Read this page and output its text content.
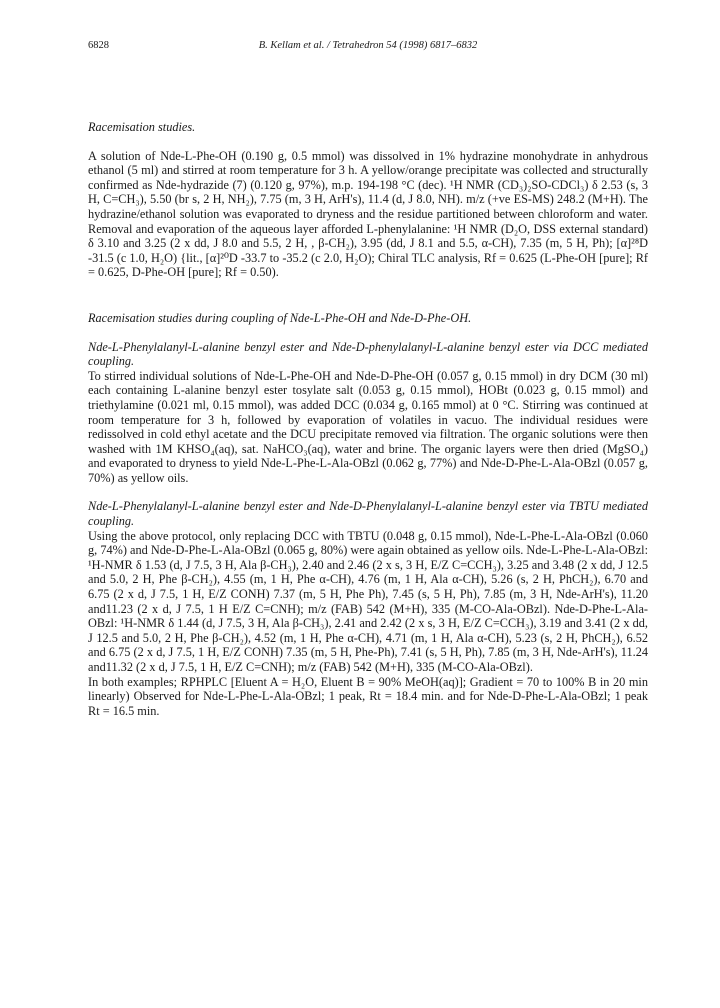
6828	B. Kellam et al. / Tetrahedron 54 (1998) 6817–6832

Racemisation studies.

A solution of Nde-L-Phe-OH (0.190 g, 0.5 mmol) was dissolved in 1% hydrazine monohydrate in anhydrous ethanol (5 ml) and stirred at room temperature for 3 h. A yellow/orange precipitate was collected and structurally confirmed as Nde-hydrazide (7) (0.120 g, 97%), m.p. 194-198 °C (dec). ¹H NMR (CD₃)₂SO-CDCl₃) δ 2.53 (s, 3 H, C=CH₃), 5.50 (br s, 2 H, NH₂), 7.75 (m, 3 H, ArH's), 11.4 (d, J 8.0, NH). m/z (+ve ES-MS) 248.2 (M+H). The hydrazine/ethanol solution was evaporated to dryness and the residue partitioned between chloroform and water. Removal and evaporation of the aqueous layer afforded L-phenylalanine: ¹H NMR (D₂O, DSS external standard) δ 3.10 and 3.25 (2 x dd, J 8.0 and 5.5, 2 H, , β-CH₂), 3.95 (dd, J 8.1 and 5.5, α-CH), 7.35 (m, 5 H, Ph); [α]²⁸D -31.5 (c 1.0, H₂O) {lit., [α]²⁰D -33.7 to -35.2 (c 2.0, H₂O); Chiral TLC analysis, Rf = 0.625 (L-Phe-OH [pure]; Rf = 0.625, D-Phe-OH [pure]; Rf = 0.50).

Racemisation studies during coupling of Nde-L-Phe-OH and Nde-D-Phe-OH.

Nde-L-Phenylalanyl-L-alanine benzyl ester and Nde-D-phenylalanyl-L-alanine benzyl ester via DCC mediated coupling.

To stirred individual solutions of Nde-L-Phe-OH and Nde-D-Phe-OH (0.057 g, 0.15 mmol) in dry DCM (30 ml) each containing L-alanine benzyl ester tosylate salt (0.053 g, 0.15 mmol), HOBt (0.023 g, 0.15 mmol) and triethylamine (0.021 ml, 0.15 mmol), was added DCC (0.034 g, 0.165 mmol) at 0 °C. Stirring was continued at room temperature for 3 h, followed by evaporation of volatiles in vacuo. The individual residues were redissolved in cold ethyl acetate and the DCU precipitate removed via filtration. The organic solutions were then washed with 1M KHSO₄(aq), sat. NaHCO₃(aq), water and brine. The organic layers were then dried (MgSO₄) and evaporated to dryness to yield Nde-L-Phe-L-Ala-OBzl (0.062 g, 77%) and Nde-D-Phe-L-Ala-OBzl (0.057 g, 70%) as yellow oils.

Nde-L-Phenylalanyl-L-alanine benzyl ester and Nde-D-Phenylalanyl-L-alanine benzyl ester via TBTU mediated coupling.

Using the above protocol, only replacing DCC with TBTU (0.048 g, 0.15 mmol), Nde-L-Phe-L-Ala-OBzl (0.060 g, 74%) and Nde-D-Phe-L-Ala-OBzl (0.065 g, 80%) were again obtained as yellow oils. Nde-L-Phe-L-Ala-OBzl: ¹H-NMR δ 1.53 (d, J 7.5, 3 H, Ala β-CH₃), 2.40 and 2.46 (2 x s, 3 H, E/Z C=CCH₃), 3.25 and 3.48 (2 x dd, J 12.5 and 5.0, 2 H, Phe β-CH₂), 4.55 (m, 1 H, Phe α-CH), 4.76 (m, 1 H, Ala α-CH), 5.26 (s, 2 H, PhCH₂), 6.70 and 6.75 (2 x d, J 7.5, 1 H, E/Z CONH) 7.37 (m, 5 H, Phe Ph), 7.45 (s, 5 H, Ph), 7.85 (m, 3 H, Nde-ArH's), 11.20 and11.23 (2 x d, J 7.5, 1 H E/Z C=CNH); m/z (FAB) 542 (M+H), 335 (M-CO-Ala-OBzl). Nde-D-Phe-L-Ala-OBzl: ¹H-NMR δ 1.44 (d, J 7.5, 3 H, Ala β-CH₃), 2.41 and 2.42 (2 x s, 3 H, E/Z C=CCH₃), 3.19 and 3.41 (2 x dd, J 12.5 and 5.0, 2 H, Phe β-CH₂), 4.52 (m, 1 H, Phe α-CH), 4.71 (m, 1 H, Ala α-CH), 5.23 (s, 2 H, PhCH₂), 6.52 and 6.75 (2 x d, J 7.5, 1 H, E/Z CONH) 7.35 (m, 5 H, Phe-Ph), 7.41 (s, 5 H, Ph), 7.85 (m, 3 H, Nde-ArH's), 11.24 and11.32 (2 x d, J 7.5, 1 H, E/Z C=CNH); m/z (FAB) 542 (M+H), 335 (M-CO-Ala-OBzl).

In both examples; RPHPLC [Eluent A = H₂O, Eluent B = 90% MeOH(aq)]; Gradient = 70 to 100% B in 20 min linearly) Observed for Nde-L-Phe-L-Ala-OBzl; 1 peak, Rt = 18.4 min. and for Nde-D-Phe-L-Ala-OBzl; 1 peak Rt = 16.5 min.
